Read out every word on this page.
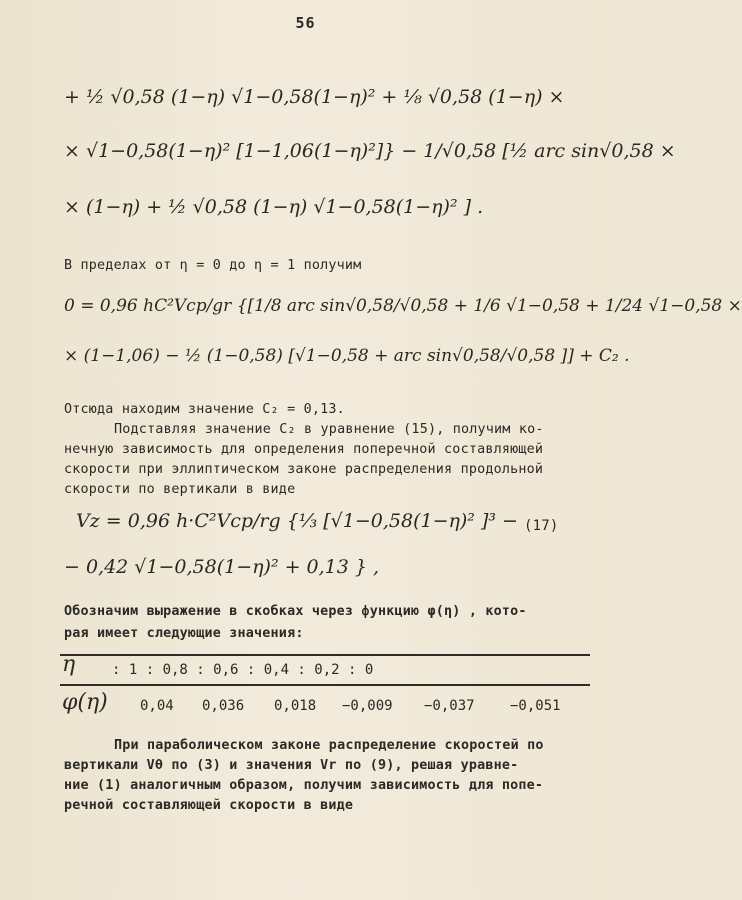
56
+ ½ √0,58 (1−η) √1−0,58(1−η)² + ⅛ √0,58 (1−η) ×
× √1−0,58(1−η)² [1−1,06(1−η)²]} − 1/√0,58 [½ arc sin√0,58 ×
× (1−η) + ½ √0,58 (1−η) √1−0,58(1−η)² ] .
В пределах от η = 0 до η = 1 получим
0 = 0,96 hC²Vср/gr {[1/8 arc sin√0,58/√0,58 + 1/6 √1−0,58 + 1/24 √1−0,58 ×
× (1−1,06) − ½ (1−0,58) [√1−0,58 + arc sin√0,58/√0,58 ]] + C₂ .
Отсюда находим значение C₂ = 0,13.
Подставляя значение C₂ в уравнение (15), получим ко-
нечную зависимость для определения поперечной составляющей
скорости при эллиптическом законе распределения продольной
скорости по вертикали в виде
Vz = 0,96 h·C²Vср/rg {⅓ [√1−0,58(1−η)² ]³ − (17)
− 0,42 √1−0,58(1−η)² + 0,13 } ,
Обозначим выражение в скобках через функцию φ(η) , кото-
рая имеет следующие значения:
η	: 1 : 0,8 : 0,6 : 0,4 : 0,2 : 0
φ(η) 0,04 0,036 0,018 −0,009 −0,037	−0,051
При параболическом законе распределение скоростей по
вертикали Vθ по (3) и значения Vr по (9), решая уравне-
ние (1) аналогичным образом, получим зависимость для попе-
речной составляющей скорости в виде
